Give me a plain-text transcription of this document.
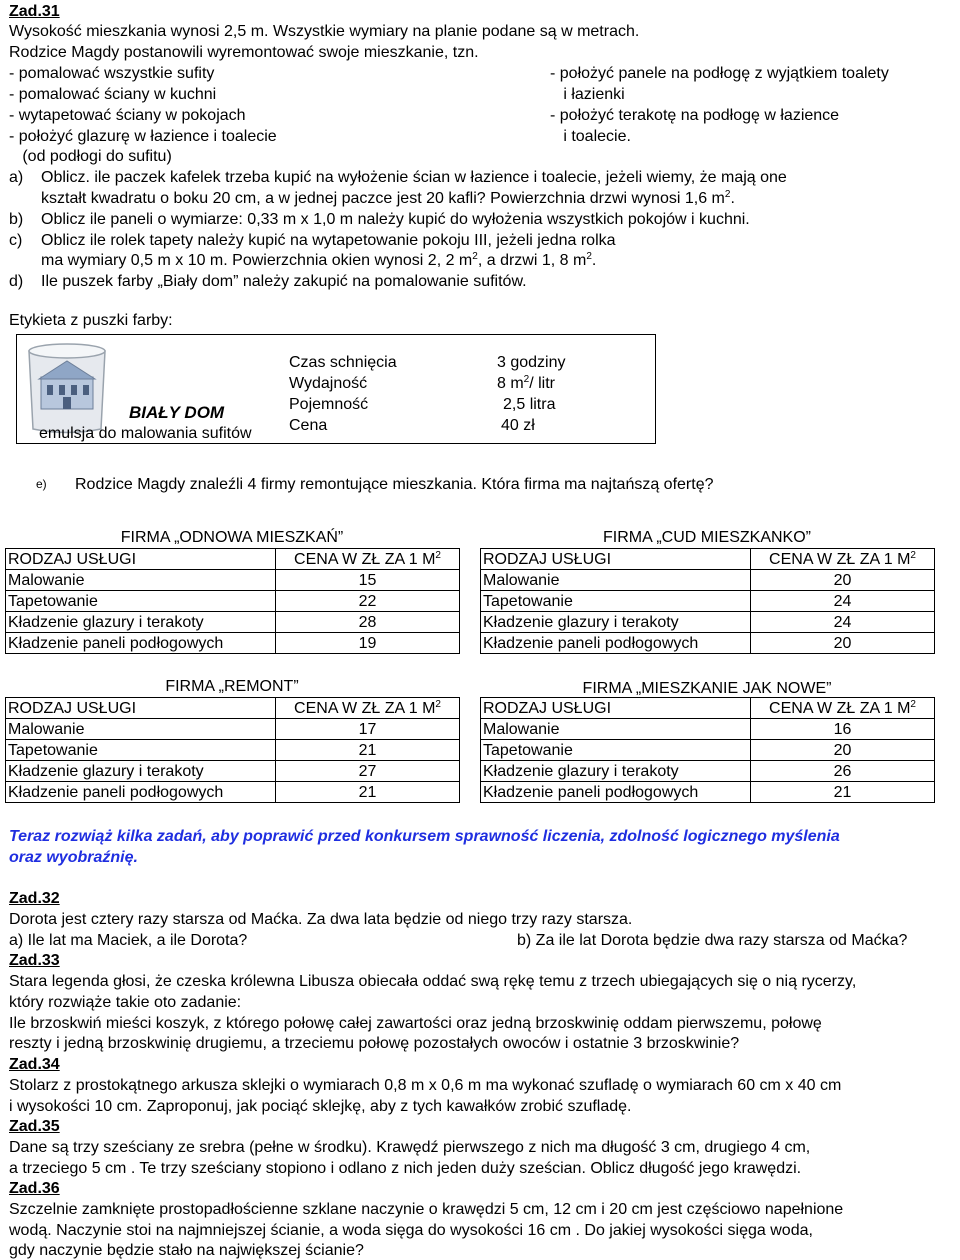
Zad.31
Wysokość mieszkania wynosi 2,5 m. Wszystkie wymiary na planie podane są w metrach.
Rodzice Magdy postanowili wyremontować swoje mieszkanie, tzn.
- pomalować wszystkie sufity
- pomalować ściany w kuchni
- wytapetować ściany w pokojach
- położyć glazurę w łazience i toalecie
(od podłogi do sufitu)
- położyć panele na podłogę z wyjątkiem toalety
i łazienki
- położyć terakotę na podłogę w łazience
i toalecie.
a) Oblicz. ile paczek kafelek trzeba kupić na wyłożenie ścian w łazience i toalecie, jeżeli wiemy, że mają one
kształt kwadratu o boku 20 cm, a w jednej paczce jest 20 kafli? Powierzchnia drzwi wynosi 1,6 $m^2$.
b) Oblicz ile paneli o wymiarze: 0,33 m x 1,0 m należy kupić do wyłożenia wszystkich pokojów i kuchni.
c) Oblicz ile rolek tapety należy kupić na wytapetowanie pokoju III, jeżeli jedna rolka
ma wymiary 0,5 m x 10 m. Powierzchnia okien wynosi 2, 2 $m^2$, a drzwi 1, 8 $m^2$.
d) Ile puszek farby „Biały dom” należy zakupić na pomalowanie sufitów.
Etykieta z puszki farby:
BIAŁY DOM
emulsja do malowania sufitów
Czas schnięcia	3 godziny
Wydajność	8 $m^2/$ litr
Pojemność	2,5 litra
Cena	40 zł
e) Rodzice Magdy znaleźli 4 firmy remontujące mieszkania. Która firma ma najtańszą ofertę?
FIRMA „ODNOWA MIESZKAŃ”
RODZAJ USŁUGI	CENA W ZŁ ZA 1 $M^2$
Malowanie	15
Tapetowanie	22
Kładzenie glazury i terakoty	28
Kładzenie paneli podłogowych	19
FIRMA „CUD MIESZKANKO”
RODZAJ USŁUGI	CENA W ZŁ ZA 1 $M^2$
Malowanie	20
Tapetowanie	24
Kładzenie glazury i terakoty	24
Kładzenie paneli podłogowych	20
FIRMA „REMONT”
RODZAJ USŁUGI	CENA W ZŁ ZA 1 $M^2$
Malowanie	17
Tapetowanie	21
Kładzenie glazury i terakoty	27
Kładzenie paneli podłogowych	21
FIRMA „MIESZKANIE JAK NOWE”
RODZAJ USŁUGI	CENA W ZŁ ZA 1 $M^2$
Malowanie	16
Tapetowanie	20
Kładzenie glazury i terakoty	26
Kładzenie paneli podłogowych	21
Teraz rozwiąż kilka zadań, aby poprawić przed konkursem sprawność liczenia, zdolność logicznego myślenia
oraz wyobraźnię.
Zad.32
Dorota jest cztery razy starsza od Maćka. Za dwa lata będzie od niego trzy razy starsza.
a) Ile lat ma Maciek, a ile Dorota?	b) Za ile lat Dorota będzie dwa razy starsza od Maćka?
Zad.33
Stara legenda głosi, że czeska królewna Libusza obiecała oddać swą rękę temu z trzech ubiegających się o nią rycerzy,
który rozwiąże takie oto zadanie:
Ile brzoskwiń mieści koszyk, z którego połowę całej zawartości oraz jedną brzoskwinię oddam pierwszemu, połowę
reszty i jedną brzoskwinię drugiemu, a trzeciemu połowę pozostałych owoców i ostatnie 3 brzoskwinie?
Zad.34
Stolarz z prostokątnego arkusza sklejki o wymiarach 0,8 m x 0,6 m ma wykonać szufladę o wymiarach 60 cm x 40 cm
i wysokości 10 cm. Zaproponuj, jak pociąć sklejkę, aby z tych kawałków zrobić szufladę.
Zad.35
Dane są trzy sześciany ze srebra (pełne w środku). Krawędź pierwszego z nich ma długość 3 cm, drugiego 4 cm,
a trzeciego 5 cm . Te trzy sześciany stopiono i odlano z nich jeden duży sześcian. Oblicz długość jego krawędzi.
Zad.36
Szczelnie zamknięte prostopadłościenne szklane naczynie o krawędzi 5 cm, 12 cm i 20 cm jest częściowo napełnione
wodą. Naczynie stoi na najmniejszej ścianie, a woda sięga do wysokości 16 cm . Do jakiej wysokości sięga woda,
gdy naczynie będzie stało na największej ścianie?
